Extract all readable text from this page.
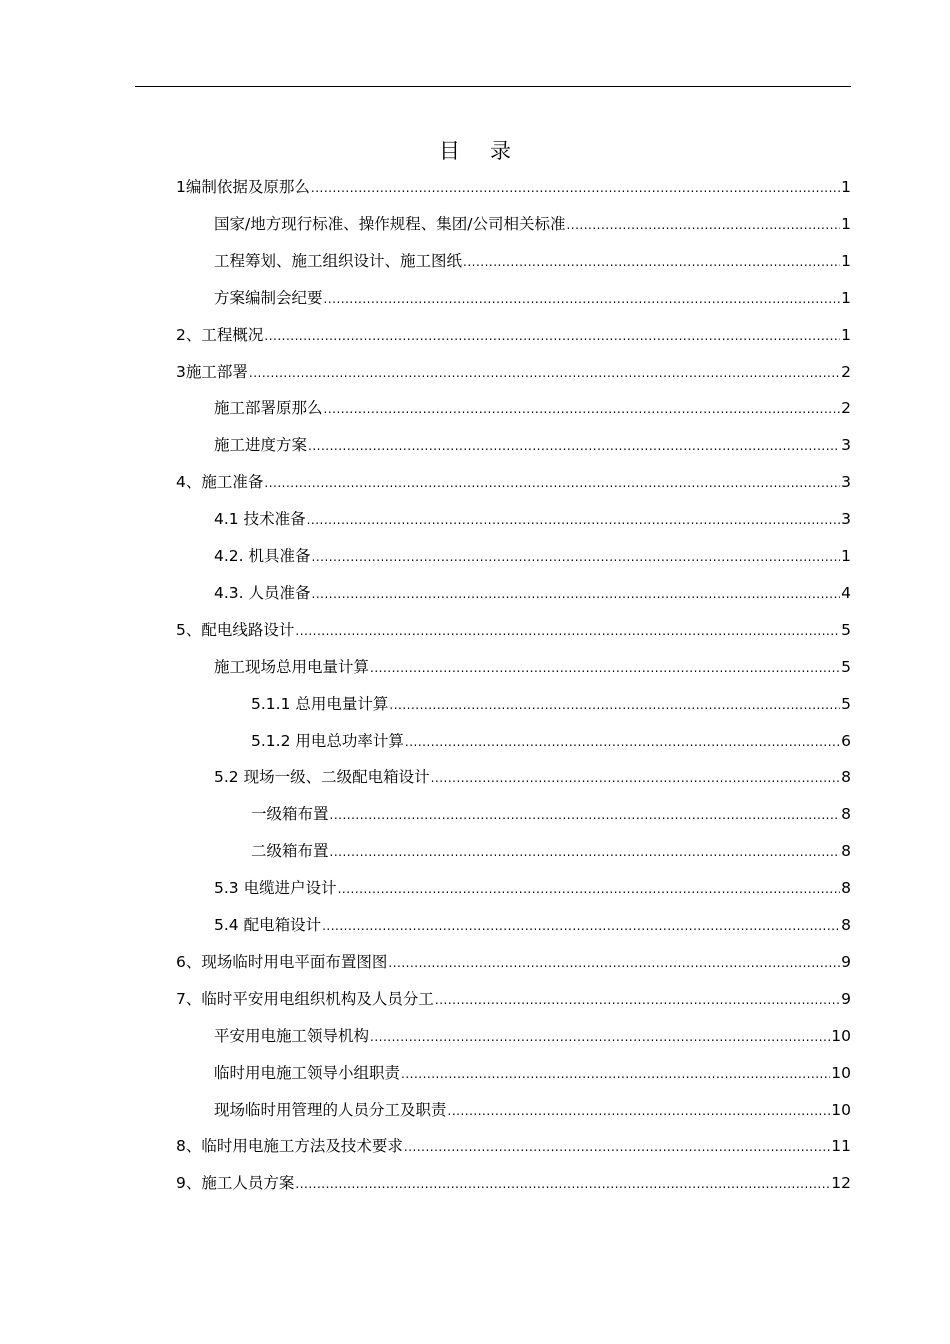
目 录
1编制依据及原那么 .....	1
国家/地方现行标准、操作规程、集团/公司相关标准 .....	1
工程筹划、施工组织设计、施工图纸 .....	1
方案编制会纪要 .....	1
2、工程概况 .....	1
3施工部署 .....	2
施工部署原那么 .....	2
施工进度方案 .....	3
4、施工准备 .....	3
4.1 技术准备 .....	3
4.2. 机具准备 .....	1
4.3. 人员准备 .....	4
5、配电线路设计 .....	5
施工现场总用电量计算 .....	5
5.1.1 总用电量计算 .....	5
5.1.2 用电总功率计算 .....	6
5.2 现场一级、二级配电箱设计 .....	8
一级箱布置 .....	8
二级箱布置 .....	8
5.3 电缆进户设计 .....	8
5.4 配电箱设计 .....	8
6、现场临时用电平面布置图图 .....	9
7、临时平安用电组织机构及人员分工 .....	9
平安用电施工领导机构 .....	10
临时用电施工领导小组职责 .....	10
现场临时用管理的人员分工及职责 .....	10
8、临时用电施工方法及技术要求 .....	11
9、施工人员方案 .....	12
